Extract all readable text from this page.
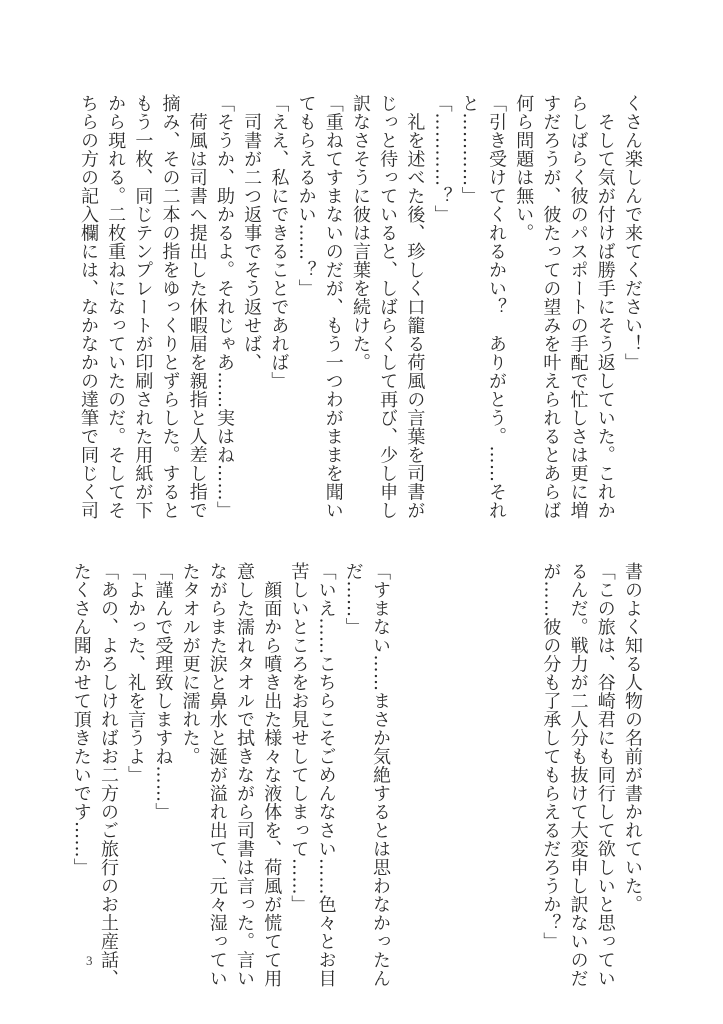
くさん楽しんで来てください！」
　そして気が付けば勝手にそう返していた。これか
らしばらく彼のパスポートの手配で忙しさは更に増
すだろうが、彼たっての望みを叶えられるとあらば
何ら問題は無い。
「引き受けてくれるかい？　ありがとう。……それ
と…………」
「…………？」
　礼を述べた後、珍しく口籠る荷風の言葉を司書が
じっと待っていると、しばらくして再び、少し申し
訳なさそうに彼は言葉を続けた。
「重ねてすまないのだが、もう一つわがままを聞い
てもらえるかい……？」
「ええ、私にできることであれば」
　司書が二つ返事でそう返せば、
「そうか、助かるよ。それじゃあ……実はね……」
　荷風は司書へ提出した休暇届を親指と人差し指で
摘み、その二本の指をゆっくりとずらした。すると
もう一枚、同じテンプレートが印刷された用紙が下
から現れる。二枚重ねになっていたのだ。そしてそ
ちらの方の記入欄には、なかなかの達筆で同じく司
書のよく知る人物の名前が書かれていた。
「この旅は、谷崎君にも同行して欲しいと思ってい
るんだ。戦力が二人分も抜けて大変申し訳ないのだ
が……彼の分も了承してもらえるだろうか？」
「すまない……まさか気絶するとは思わなかったん
だ……」
「いえ……こちらこそごめんなさい……色々とお目
苦しいところをお見せしてしまって……」
　顔面から噴き出た様々な液体を、荷風が慌てて用
意した濡れタオルで拭きながら司書は言った。言い
ながらまた涙と鼻水と涎が溢れ出て、元々湿ってい
たタオルが更に濡れた。
「謹んで受理致しますね……」
「よかった、礼を言うよ」
「あの、よろしければお二方のご旅行のお土産話、
たくさん聞かせて頂きたいです……」
3
